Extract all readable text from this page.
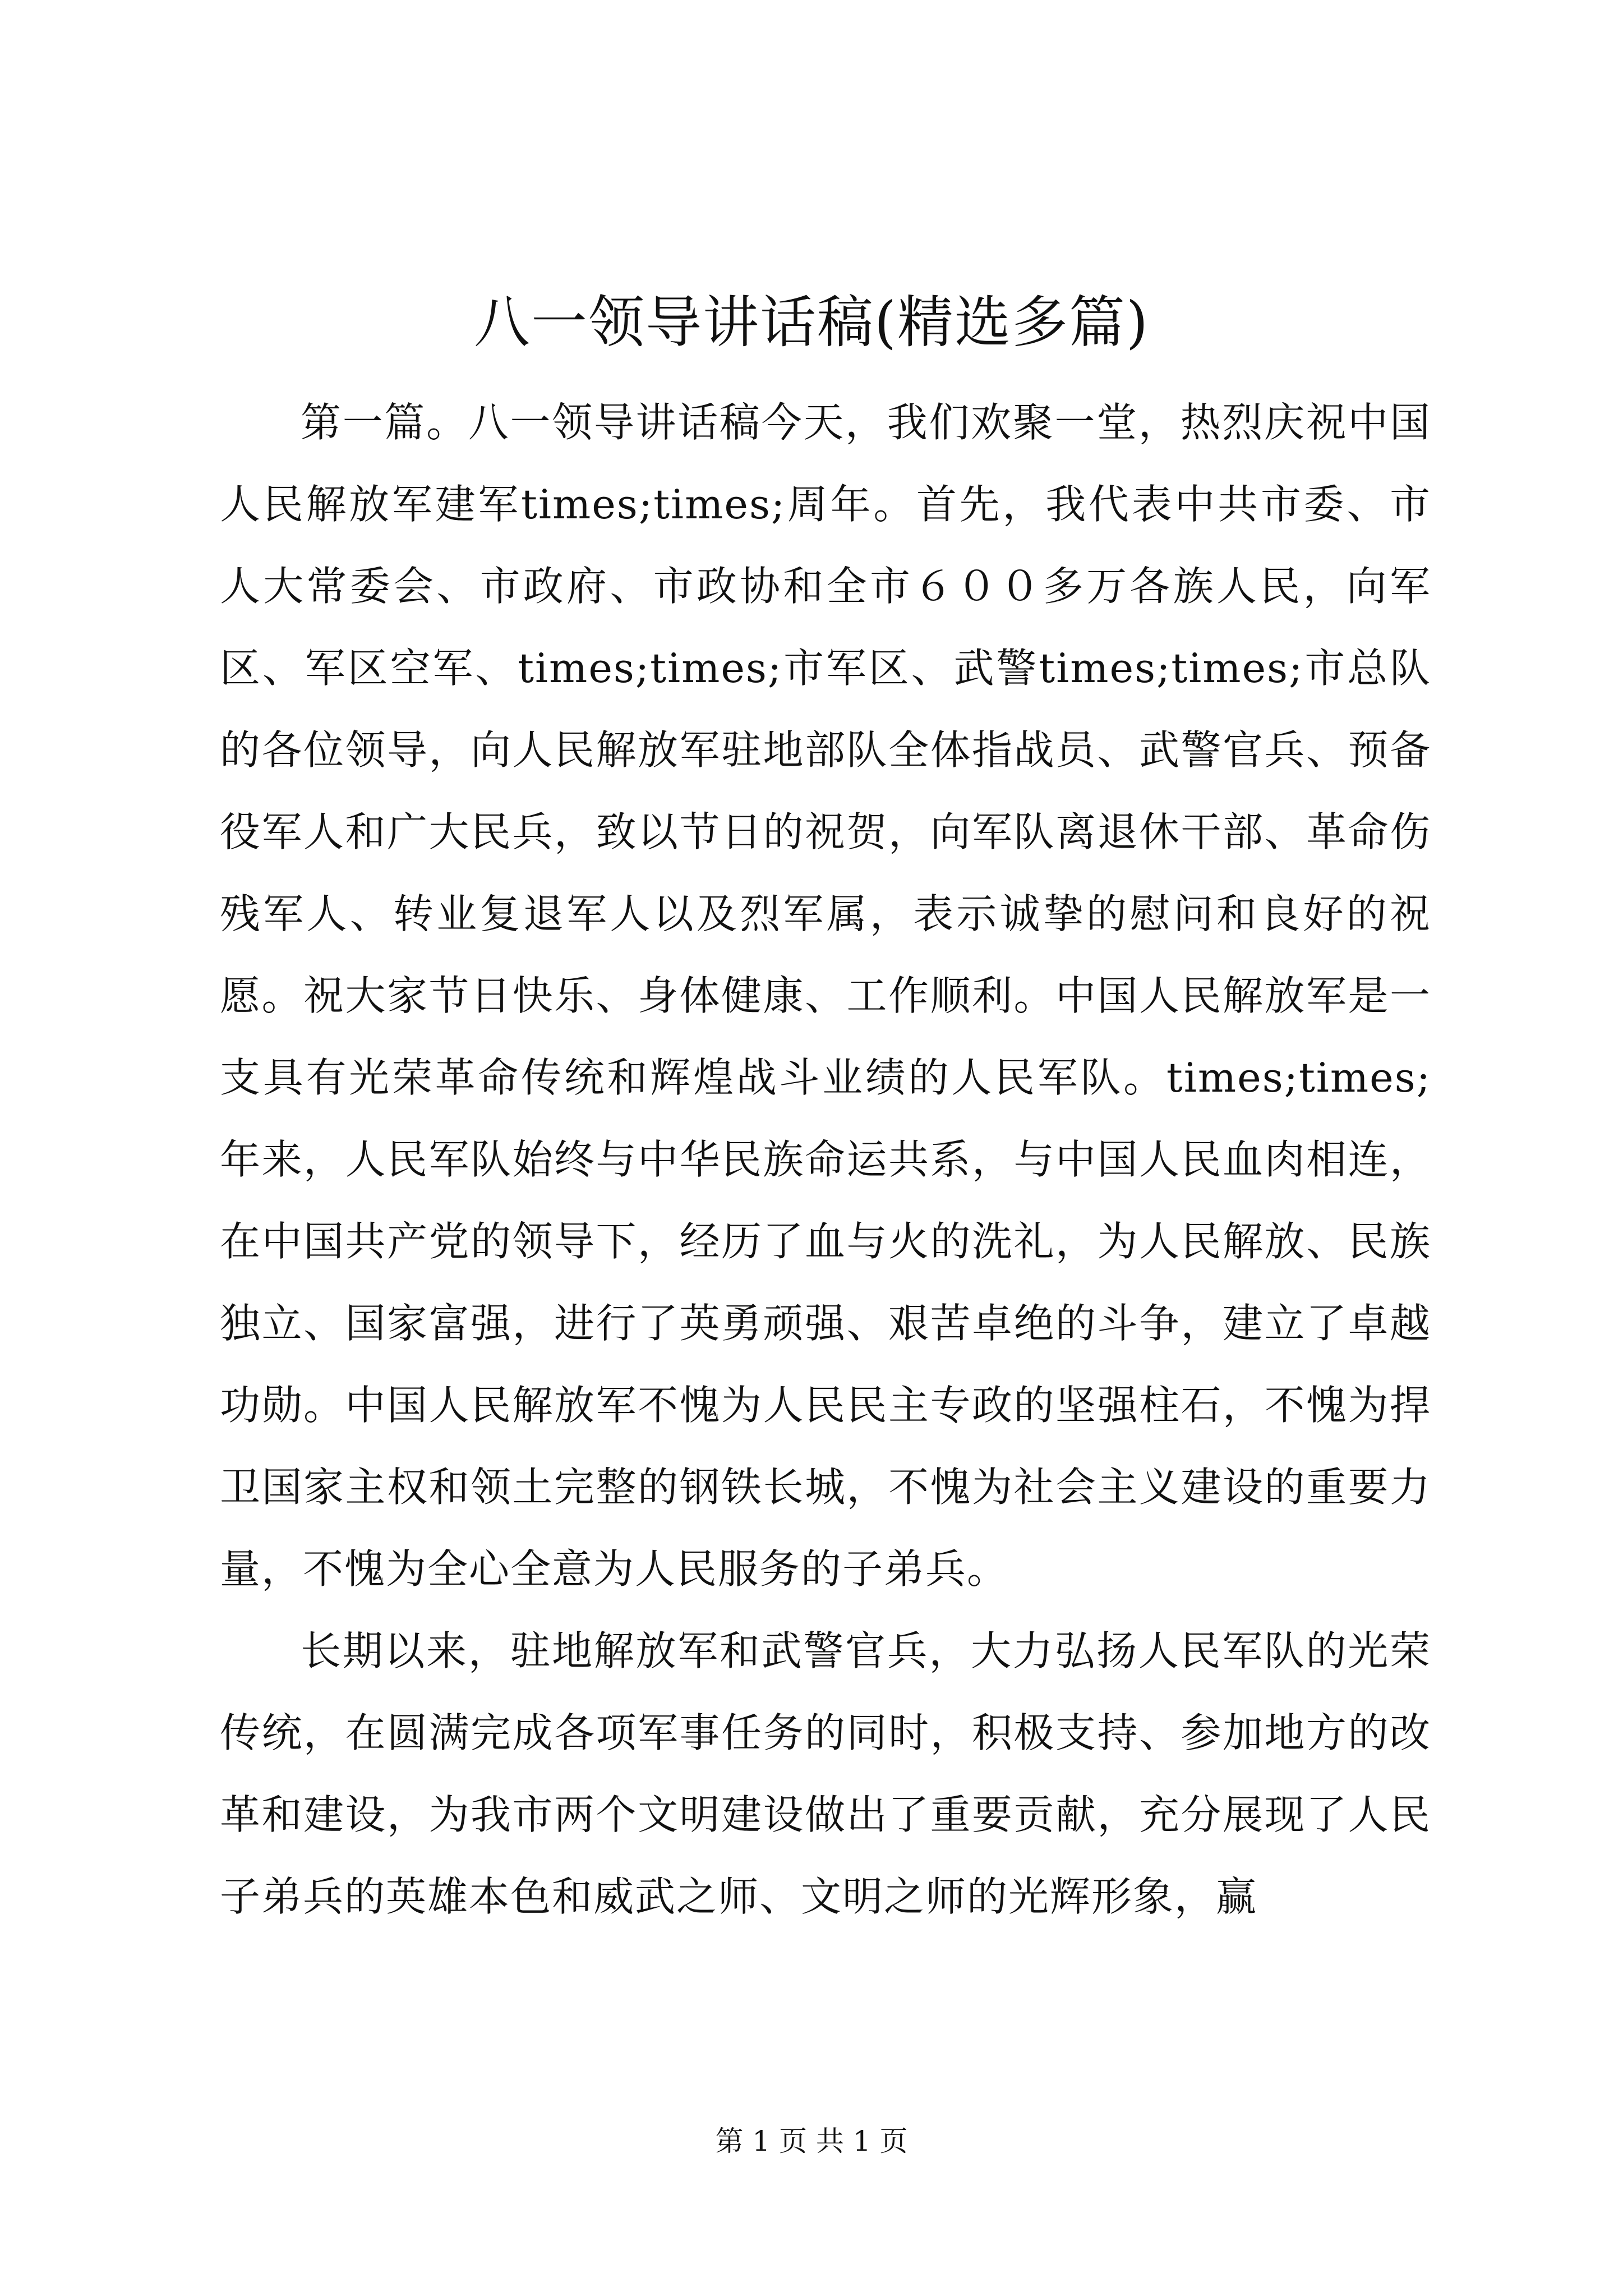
八一领导讲话稿(精选多篇)

第一篇。八一领导讲话稿今天，我们欢聚一堂，热烈庆祝中国人民解放军建军times;times;周年。首先，我代表中共市委、市人大常委会、市政府、市政协和全市６００多万各族人民，向军区、军区空军、times;times;市军区、武警times;times;市总队的各位领导，向人民解放军驻地部队全体指战员、武警官兵、预备役军人和广大民兵，致以节日的祝贺，向军队离退休干部、革命伤残军人、转业复退军人以及烈军属，表示诚挚的慰问和良好的祝愿。祝大家节日快乐、身体健康、工作顺利。中国人民解放军是一支具有光荣革命传统和辉煌战斗业绩的人民军队。times;times;年来，人民军队始终与中华民族命运共系，与中国人民血肉相连，在中国共产党的领导下，经历了血与火的洗礼，为人民解放、民族独立、国家富强，进行了英勇顽强、艰苦卓绝的斗争，建立了卓越功勋。中国人民解放军不愧为人民民主专政的坚强柱石，不愧为捍卫国家主权和领土完整的钢铁长城，不愧为社会主义建设的重要力量，不愧为全心全意为人民服务的子弟兵。

长期以来，驻地解放军和武警官兵，大力弘扬人民军队的光荣传统，在圆满完成各项军事任务的同时，积极支持、参加地方的改革和建设，为我市两个文明建设做出了重要贡献，充分展现了人民子弟兵的英雄本色和威武之师、文明之师的光辉形象，赢

第 1 页 共 1 页
